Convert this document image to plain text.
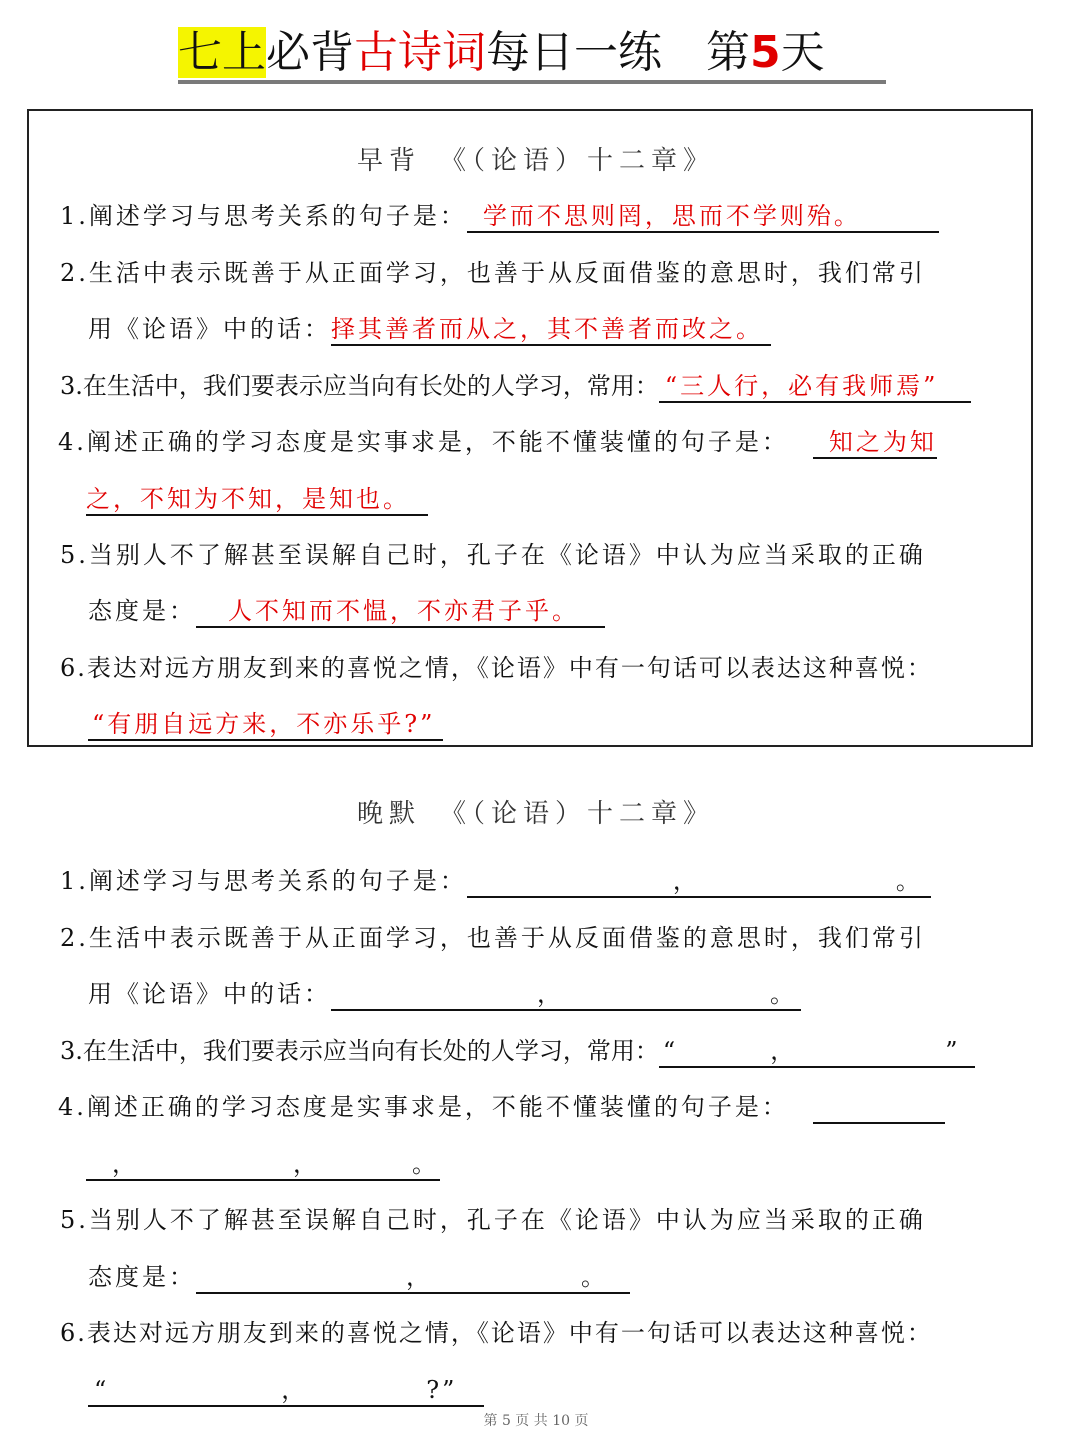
七上必背古诗词每日一练 第5天
早背　《（论语）十二章》
1.阐述学习与思考关系的句子是： 学而不思则罔，思而不学则殆。
2.生活中表示既善于从正面学习，也善于从反面借鉴的意思时，我们常引
用《论语》中的话：择其善者而从之，其不善者而改之。
3.在生活中，我们要表示应当向有长处的人学习，常用： “三人行，必有我师焉”
4.阐述正确的学习态度是实事求是，不能不懂装懂的句子是： 知之为知
之，不知为不知，是知也。
5.当别人不了解甚至误解自己时，孔子在《论语》中认为应当采取的正确
态度是： 人不知而不愠，不亦君子乎。
6.表达对远方朋友到来的喜悦之情，《论语》中有一句话可以表达这种喜悦：
“有朋自远方来，不亦乐乎?”
晚默　《（论语）十二章》
1.阐述学习与思考关系的句子是：	，	。
2.生活中表示既善于从正面学习，也善于从反面借鉴的意思时，我们常引
用《论语》中的话：	，	。
3.在生活中，我们要表示应当向有长处的人学习，常用： “	，	”
4.阐述正确的学习态度是实事求是，不能不懂装懂的句子是：
，	，	。
5.当别人不了解甚至误解自己时，孔子在《论语》中认为应当采取的正确
态度是：	，	。
6.表达对远方朋友到来的喜悦之情，《论语》中有一句话可以表达这种喜悦：
“	，	?”
第 5 页 共 10 页
